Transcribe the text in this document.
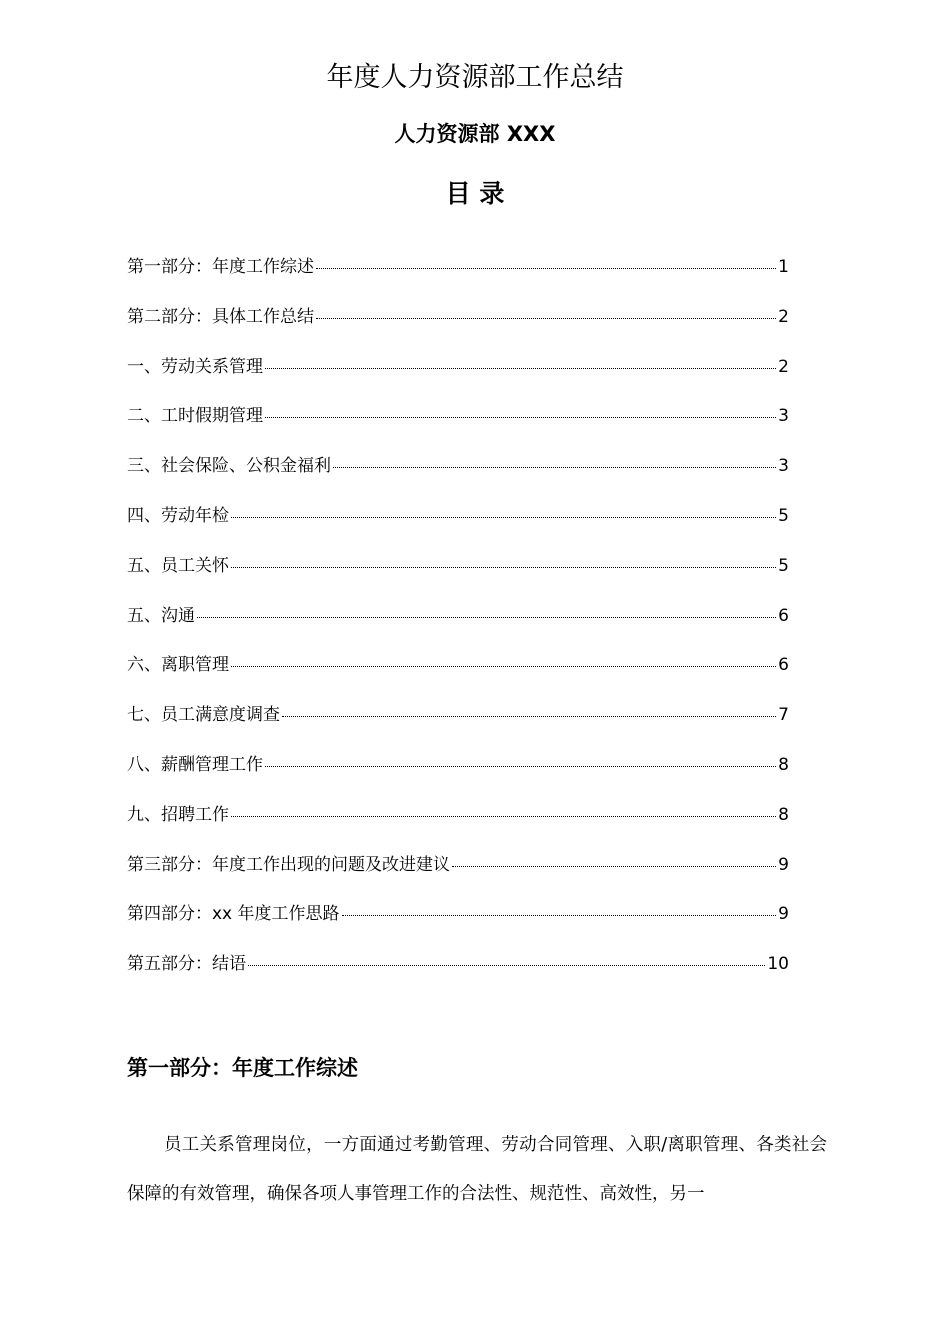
年度人力资源部工作总结
人力资源部 XXX
目 录
第一部分：年度工作综述	1
第二部分：具体工作总结	2
一、劳动关系管理	2
二、工时假期管理	3
三、社会保险、公积金福利	3
四、劳动年检	5
五、员工关怀	5
五、沟通	6
六、离职管理	6
七、员工满意度调查	7
八、薪酬管理工作	8
九、招聘工作	8
第三部分：年度工作出现的问题及改进建议	9
第四部分：xx 年度工作思路	9
第五部分：结语	10
第一部分：年度工作综述

员工关系管理岗位，一方面通过考勤管理、劳动合同管理、入职/离职管理、各类社会保障的有效管理，确保各项人事管理工作的合法性、规范性、高效性，另一
